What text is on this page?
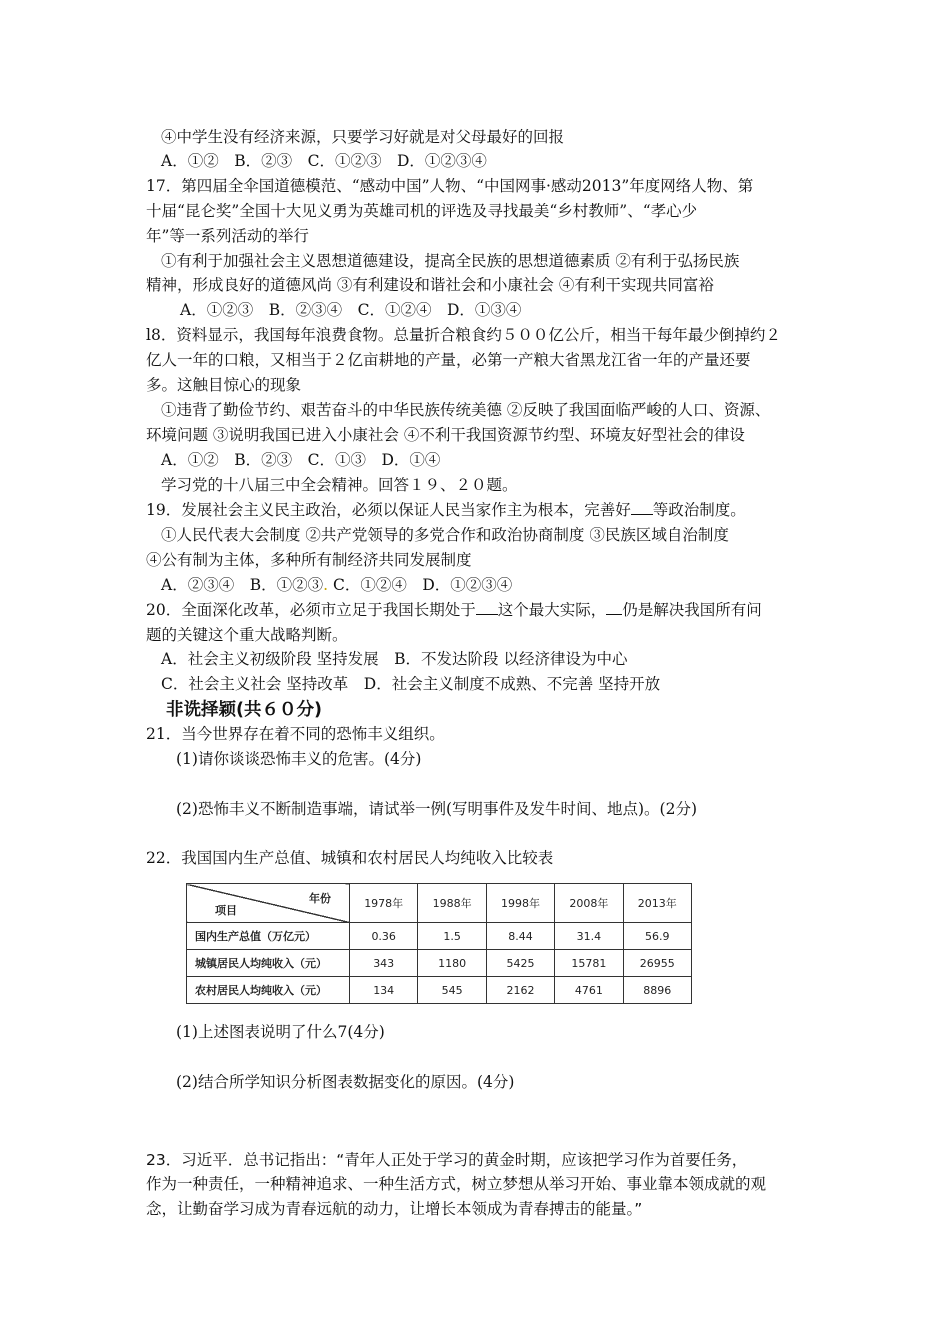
④中学生没有经济来源，只要学习好就是对父母最好的回报
A．①②　B．②③　C．①②③　D．①②③④
17．第四届全伞国道德模范、“感动中国”人物、“中国网事·感动2013”年度网络人物、第
十届“昆仑奖”全国十大见义勇为英雄司机的评选及寻找最美“乡村教师”、“孝心少
年”等一系列活动的举行
①有利于加强社会主义恩想道德建设，提高全民族的思想道德素质 ②有利于弘扬民族
精神，形成良好的道德风尚 ③有利建设和谐社会和小康社会 ④有利干实现共同富裕
A．①②③　B．②③④　C．①②④　D．①③④
l8．资料显示，我国每年浪费食物。总量折合粮食约５００亿公斤，相当干每年最少倒掉约２
亿人一年的口粮，又相当于２亿亩耕地的产量，必第一产粮大省黑龙江省一年的产量还要
多。这触目惊心的现象
①违背了勤俭节约、艰苦奋斗的中华民族传统美德 ②反映了我国面临严峻的人口、资源、
环境问题 ③说明我国已进入小康社会 ④不利干我国资源节约型、环境友好型社会的律设
A．①②　B．②③　C．①③　D．①④
学习党的十八届三中全会精神。回答１９、２０题。
19．发展社会主义民主政治，必须以保证人民当家作主为根本，完善好 等政治制度。
①人民代表大会制度 ②共产党领导的多党合作和政治协商制度 ③民族区域自治制度
④公有制为主体，多种所有制经济共同发展制度
A．②③④　B．①②③. C．①②④　D．①②③④
20．全面深化改革，必须市立足于我国长期处于 这个最大实际， 仍是解决我国所有问
题的关键这个重大战略判断。
A．社会主义初级阶段 坚持发展　B．不发达阶段 以经济律设为中心
C．社会主义社会 坚持改革　D．社会主义制度不成熟、不完善 坚持开放
非诜择颖(共６０分)
21．当今世界存在着不同的恐怖丰义组织。
(1)请你谈谈恐怖丰义的危害。(4分)
(2)恐怖丰义不断制造事端，请试举一例(写明事件及发牛时间、地点)。(2分)
22．我国国内生产总值、城镇和农村居民人均纯收入比较表
年份
项目	1978年	1988年	1998年	2008年	2013年
国内生产总值（万亿元）	0.36	1.5	8.44	31.4	56.9
城镇居民人均纯收入（元）	343	1180	5425	15781	26955
农村居民人均纯收入（元）	134	545	2162	4761	8896
(1)上述图表说明了什么7(4分)
(2)结合所学知识分析图表数据变化的原因。(4分)
23．习近平．总书记指出：“青年人正处于学习的黄金时期，应该把学习作为首要任务，
作为一种责任，一种精神追求、一种生活方式，树立梦想从举习开始、事业靠本领成就的观
念，让勤奋学习成为青春远航的动力，让增长本领成为青春搏击的能量。”
